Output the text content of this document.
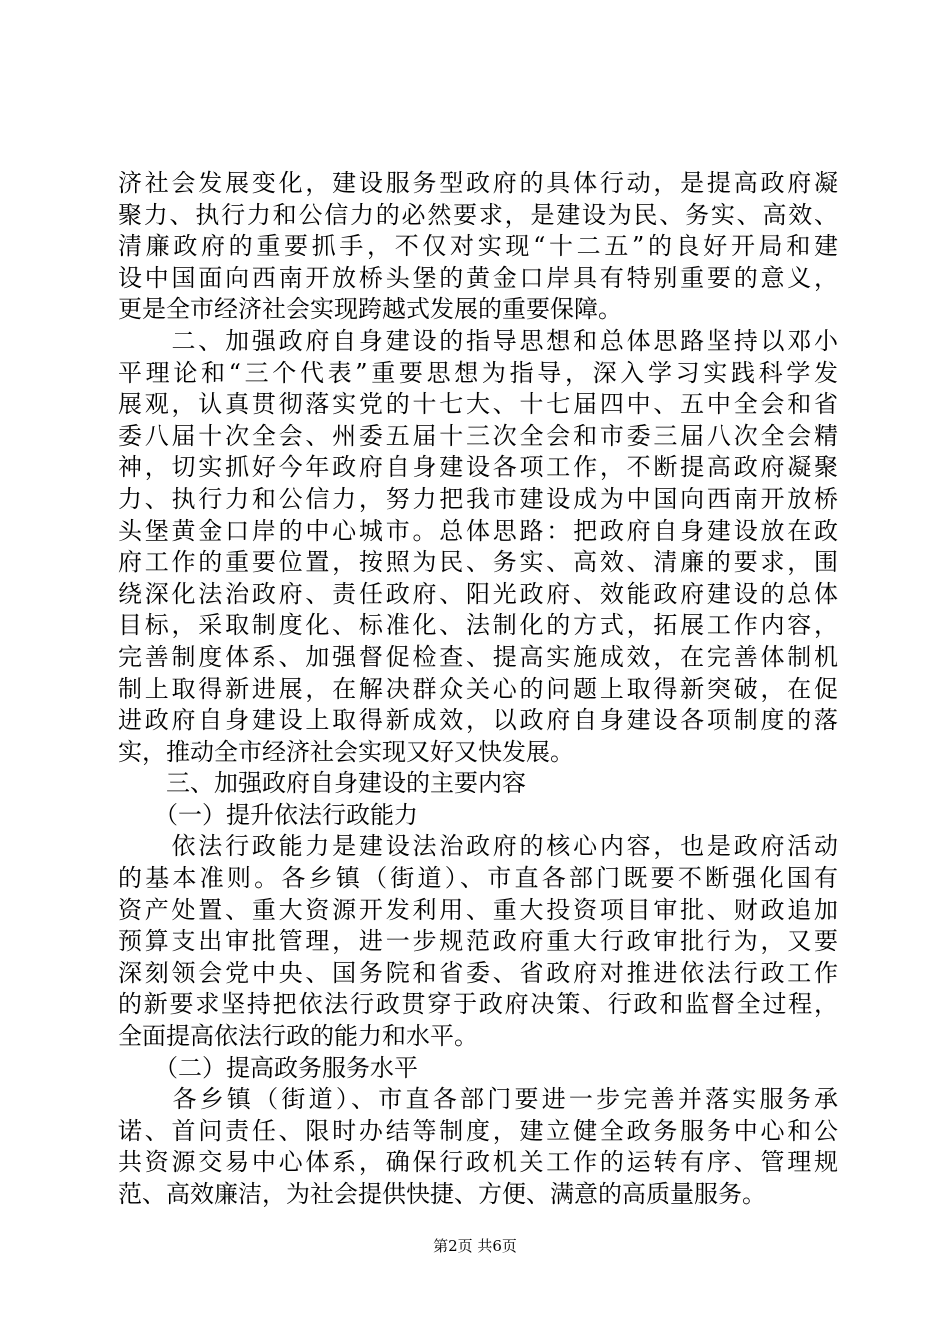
济社会发展变化，建设服务型政府的具体行动，是提高政府凝
聚力、执行力和公信力的必然要求，是建设为民、务实、高效、
清廉政府的重要抓手，不仅对实现“十二五”的良好开局和建
设中国面向西南开放桥头堡的黄金口岸具有特别重要的意义，
更是全市经济社会实现跨越式发展的重要保障。
　　二、加强政府自身建设的指导思想和总体思路坚持以邓小
平理论和“三个代表”重要思想为指导，深入学习实践科学发
展观，认真贯彻落实党的十七大、十七届四中、五中全会和省
委八届十次全会、州委五届十三次全会和市委三届八次全会精
神，切实抓好今年政府自身建设各项工作，不断提高政府凝聚
力、执行力和公信力，努力把我市建设成为中国向西南开放桥
头堡黄金口岸的中心城市。总体思路：把政府自身建设放在政
府工作的重要位置，按照为民、务实、高效、清廉的要求，围
绕深化法治政府、责任政府、阳光政府、效能政府建设的总体
目标，采取制度化、标准化、法制化的方式，拓展工作内容，
完善制度体系、加强督促检查、提高实施成效，在完善体制机
制上取得新进展，在解决群众关心的问题上取得新突破，在促
进政府自身建设上取得新成效，以政府自身建设各项制度的落
实，推动全市经济社会实现又好又快发展。
　　三、加强政府自身建设的主要内容
　　（一）提升依法行政能力
　　依法行政能力是建设法治政府的核心内容，也是政府活动
的基本准则。各乡镇（街道）、市直各部门既要不断强化国有
资产处置、重大资源开发利用、重大投资项目审批、财政追加
预算支出审批管理，进一步规范政府重大行政审批行为，又要
深刻领会党中央、国务院和省委、省政府对推进依法行政工作
的新要求坚持把依法行政贯穿于政府决策、行政和监督全过程，
全面提高依法行政的能力和水平。
　　（二）提高政务服务水平
　　各乡镇（街道）、市直各部门要进一步完善并落实服务承
诺、首问责任、限时办结等制度，建立健全政务服务中心和公
共资源交易中心体系，确保行政机关工作的运转有序、管理规
范、高效廉洁，为社会提供快捷、方便、满意的高质量服务。
第2页 共6页
